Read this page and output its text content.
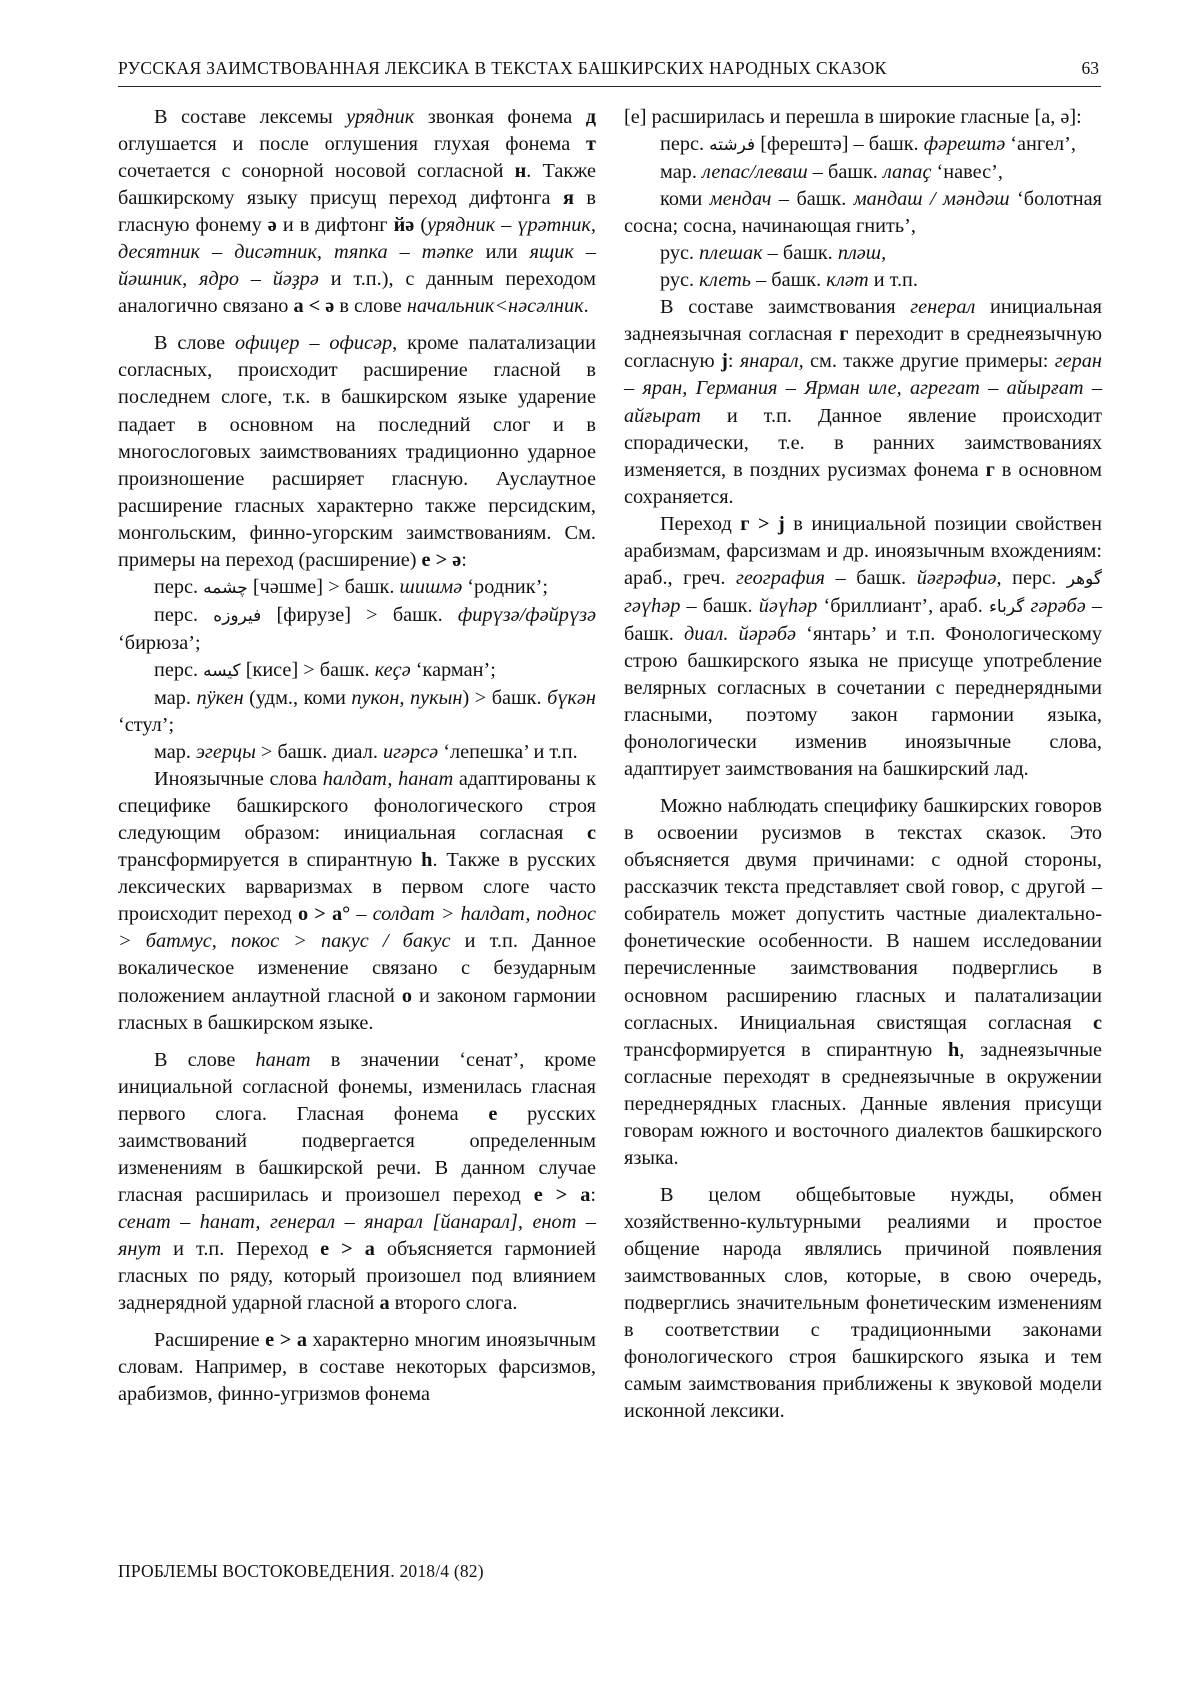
РУССКАЯ ЗАИМСТВОВАННАЯ ЛЕКСИКА В ТЕКСТАХ БАШКИРСКИХ НАРОДНЫХ СКАЗОК	63

В составе лексемы урядник звонкая фонема д оглушается и после оглушения глухая фонема т сочетается с сонорной носовой согласной н. Также башкирскому языку присущ переход дифтонга я в гласную фонему ә и в дифтонг йә (урядник – үрәтник, десятник – дисәтник, тяпка – тәпке или ящик – йәшник, ядро – йәҙрә и т.п.), с данным переходом аналогично связано а < ә в слове начальник<нәсәлник.

В слове офицер – офисәр, кроме палатализации согласных, происходит расширение гласной в последнем слоге, т.к. в башкирском языке ударение падает в основном на последний слог и в многослоговых заимствованиях традиционно ударное произношение расширяет гласную. Ауслаутное расширение гласных характерно также персидским, монгольским, финно-угорским заимствованиям. См. примеры на переход (расширение) е > ә:

перс. چشمه [чәшме] > башк. шишмә ‘родник’;

перс. فيروزه [фирузе] > башк. фирүзә/фәйрүзә ‘бирюза’;

перс. كيسه [кисе] > башк. кеҫә ‘карман’;

мар. пӱкен (удм., коми пукон, пукын) > башк. бүкән ‘стул’;

мар. эгерцы > башк. диал. игәрсә ‘лепешка’ и т.п.

Иноязычные слова һалдат, һанат адаптированы к специфике башкирского фонологического строя следующим образом: инициальная согласная с трансформируется в спирантную һ. Также в русских лексических варваризмах в первом слоге часто происходит переход о > а° – солдат > һалдат, поднос > батмус, покос > пакус / бакус и т.п. Данное вокалическое изменение связано с безударным положением анлаутной гласной о и законом гармонии гласных в башкирском языке.

В слове һанат в значении ‘сенат’, кроме инициальной согласной фонемы, изменилась гласная первого слога. Гласная фонема е русских заимствований подвергается определенным изменениям в башкирской речи. В данном случае гласная расширилась и произошел переход е > а: сенат – һанат, генерал – янарал [йанарал], енот – янут и т.п. Переход е > а объясняется гармонией гласных по ряду, который произошел под влиянием заднерядной ударной гласной а второго слога.

Расширение е > а характерно многим иноязычным словам. Например, в составе некоторых фарсизмов, арабизмов, финно-угризмов фонема

[е] расширилась и перешла в широкие гласные [а, ә]:

перс. فرشته [ферештә] – башк. фәрештә ‘ангел’,

мар. лепас/леваш – башк. лапаҫ ‘навес’,

коми мендач – башк. мандаш / мәндәш ‘болотная сосна; сосна, начинающая гнить’,

рус. плешак – башк. пләш,

рус. клеть – башк. кләт и т.п.

В составе заимствования генерал инициальная заднеязычная согласная г переходит в среднеязычную согласную j: янарал, см. также другие примеры: геран – яран, Германия – Ярман иле, агрегат – айырғат – айғырат и т.п. Данное явление происходит спорадически, т.е. в ранних заимствованиях изменяется, в поздних русизмах фонема г в основном сохраняется.

Переход г > j в инициальной позиции свойствен арабизмам, фарсизмам и др. иноязычным вхождениям: араб., греч. география – башк. йәғрәфиә, перс. گوهر гәүһәр – башк. йәүһәр ‘бриллиант’, араб. گرباء гәрәбә – башк. диал. йәрәбә ‘янтарь’ и т.п. Фонологическому строю башкирского языка не присуще употребление велярных согласных в сочетании с переднерядными гласными, поэтому закон гармонии языка, фонологически изменив иноязычные слова, адаптирует заимствования на башкирский лад.

Можно наблюдать специфику башкирских говоров в освоении русизмов в текстах сказок. Это объясняется двумя причинами: с одной стороны, рассказчик текста представляет свой говор, с другой – собиратель может допустить частные диалектально-фонетические особенности. В нашем исследовании перечисленные заимствования подверглись в основном расширению гласных и палатализации согласных. Инициальная свистящая согласная с трансформируется в спирантную һ, заднеязычные согласные переходят в среднеязычные в окружении переднерядных гласных. Данные явления присущи говорам южного и восточного диалектов башкирского языка.

В целом общебытовые нужды, обмен хозяйственно-культурными реалиями и простое общение народа являлись причиной появления заимствованных слов, которые, в свою очередь, подверглись значительным фонетическим изменениям в соответствии с традиционными законами фонологического строя башкирского языка и тем самым заимствования приближены к звуковой модели исконной лексики.

ПРОБЛЕМЫ ВОСТОКОВЕДЕНИЯ. 2018/4 (82)
